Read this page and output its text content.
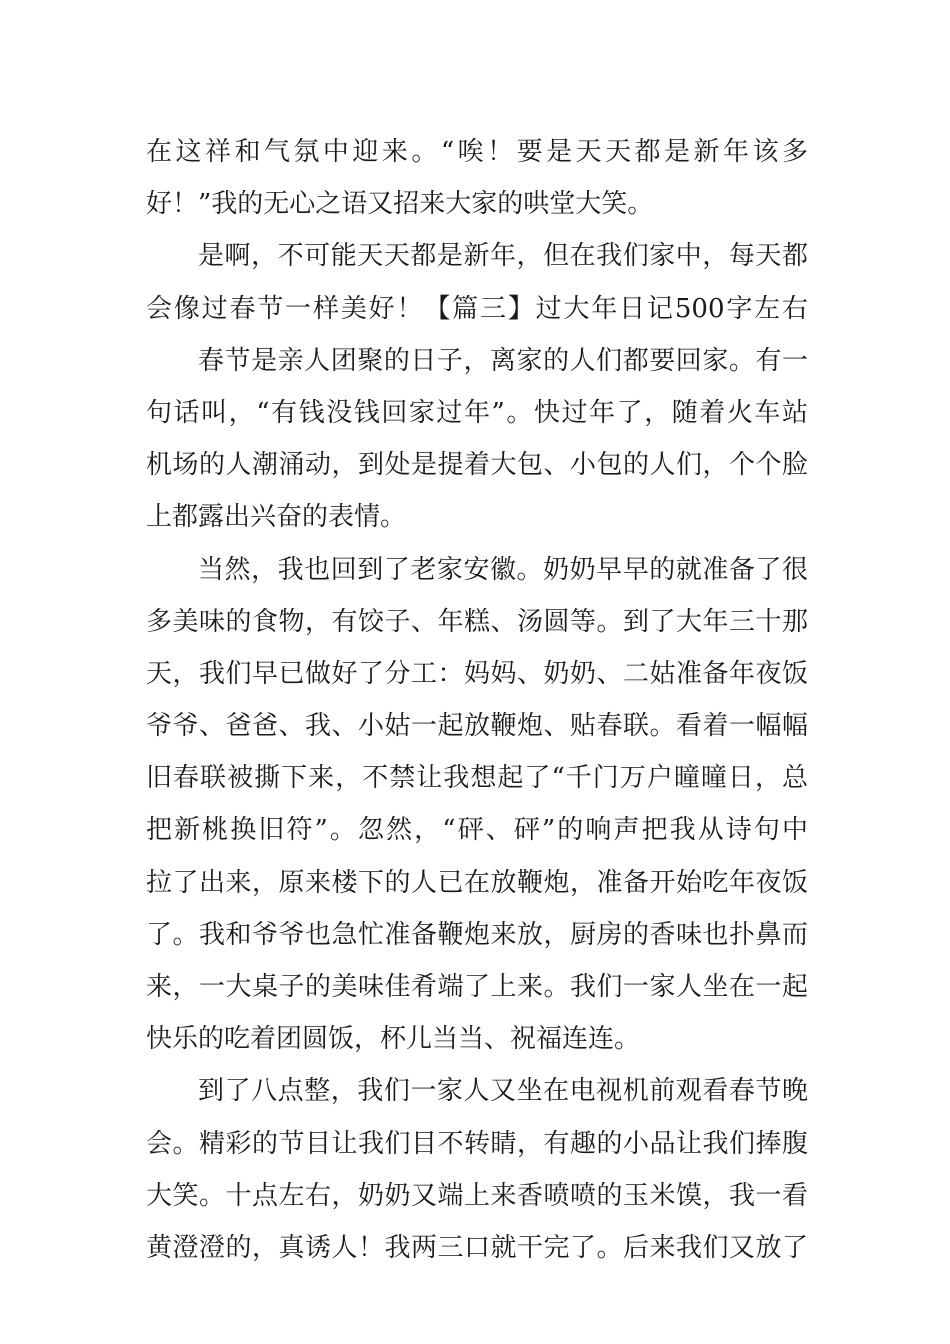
在这祥和气氛中迎来。“唉！要是天天都是新年该多
好！”我的无心之语又招来大家的哄堂大笑。
是啊，不可能天天都是新年，但在我们家中，每天都
会像过春节一样美好！【篇三】过大年日记500字左右
春节是亲人团聚的日子，离家的人们都要回家。有一
句话叫，“有钱没钱回家过年”。快过年了，随着火车站
机场的人潮涌动，到处是提着大包、小包的人们，个个脸
上都露出兴奋的表情。
当然，我也回到了老家安徽。奶奶早早的就准备了很
多美味的食物，有饺子、年糕、汤圆等。到了大年三十那
天，我们早已做好了分工：妈妈、奶奶、二姑准备年夜饭
爷爷、爸爸、我、小姑一起放鞭炮、贴春联。看着一幅幅
旧春联被撕下来，不禁让我想起了“千门万户曈曈日，总
把新桃换旧符”。忽然，“砰、砰”的响声把我从诗句中
拉了出来，原来楼下的人已在放鞭炮，准备开始吃年夜饭
了。我和爷爷也急忙准备鞭炮来放，厨房的香味也扑鼻而
来，一大桌子的美味佳肴端了上来。我们一家人坐在一起
快乐的吃着团圆饭，杯儿当当、祝福连连。
到了八点整，我们一家人又坐在电视机前观看春节晚
会。精彩的节目让我们目不转睛，有趣的小品让我们捧腹
大笑。十点左右，奶奶又端上来香喷喷的玉米馍，我一看
黄澄澄的，真诱人！我两三口就干完了。后来我们又放了
